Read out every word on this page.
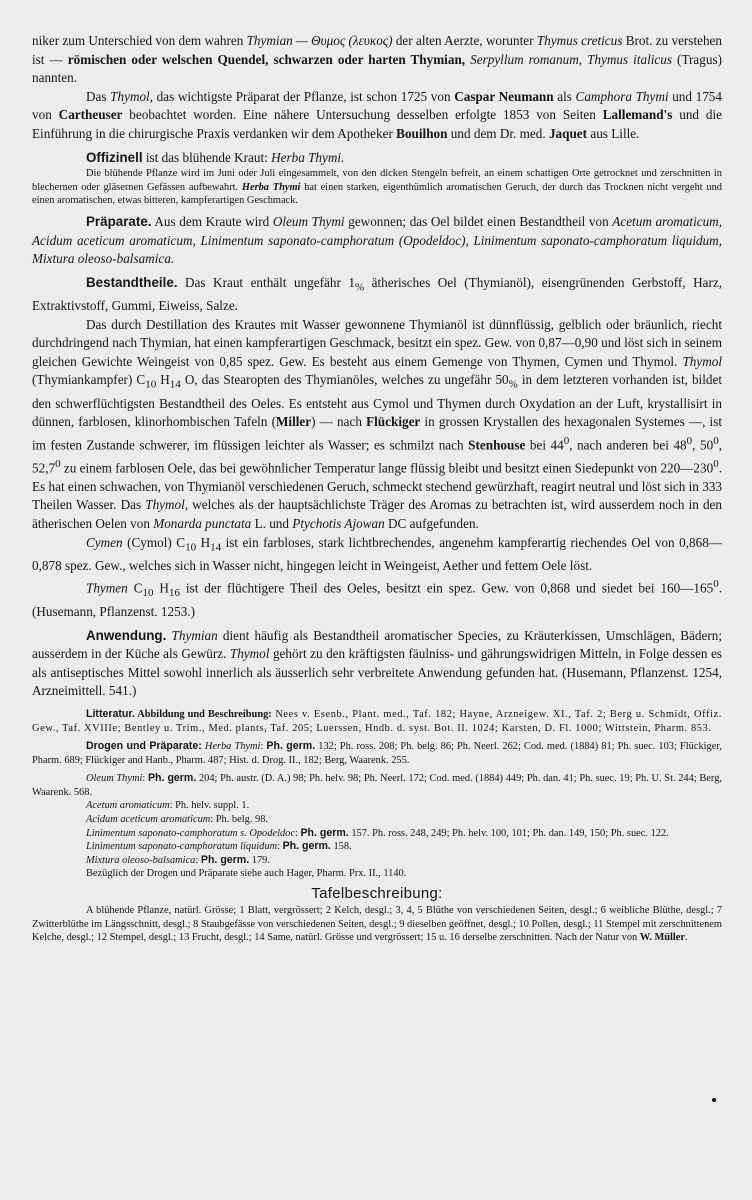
niker zum Unterschied von dem wahren Thymian — Θυμος (λευκος) der alten Aerzte, worunter Thymus creticus Brot. zu verstehen ist — römischen oder welschen Quendel, schwarzen oder harten Thymian, Serpyllum romanum, Thymus italicus (Tragus) nannten.

Das Thymol, das wichtigste Präparat der Pflanze, ist schon 1725 von Caspar Neumann als Camphora Thymi und 1754 von Cartheuser beobachtet worden. Eine nähere Untersuchung desselben erfolgte 1853 von Seiten Lallemand's und die Einführung in die chirurgische Praxis verdanken wir dem Apotheker Bouilhon und dem Dr. med. Jaquet aus Lille.

Offizinell ist das blühende Kraut: Herba Thymi.

Die blühende Pflanze wird im Juni oder Juli eingesammelt, von den dicken Stengeln befreit, an einem schattigen Orte getrocknet und zerschnitten in blechernen oder gläsernen Gefässen aufbewahrt. Herba Thymi hat einen starken, eigenthümlich aromatischen Geruch, der durch das Trocknen nicht vergeht und einen aromatischen, etwas bitteren, kampferartigen Geschmack.

Präparate. Aus dem Kraute wird Oleum Thymi gewonnen; das Oel bildet einen Bestandtheil von Acetum aromaticum, Acidum aceticum aromaticum, Linimentum saponato-camphoratum (Opodeldoc), Linimentum saponato-camphoratum liquidum, Mixtura oleoso-balsamica.

Bestandtheile. Das Kraut enthält ungefähr $1_{\%}$ ätherisches Oel (Thymianöl), eisengrünenden Gerbstoff, Harz, Extraktivstoff, Gummi, Eiweiss, Salze.

Das durch Destillation des Krautes mit Wasser gewonnene Thymianöl ist dünnflüssig, gelblich oder bräunlich, riecht durchdringend nach Thymian, hat einen kampferartigen Geschmack, besitzt ein spez. Gew. von 0,87—0,90 und löst sich in seinem gleichen Gewichte Weingeist von 0,85 spez. Gew. Es besteht aus einem Gemenge von Thymen, Cymen und Thymol. Thymol (Thymiankampfer) $C_{10}$ $H_{14}$ O, das Stearopten des Thymianöles, welches zu ungefähr $50_{\%}$ in dem letzteren vorhanden ist, bildet den schwerflüchtigsten Bestandtheil des Oeles. Es entsteht aus Cymol und Thymen durch Oxydation an der Luft, krystallisirt in dünnen, farblosen, klinorhombischen Tafeln (Miller) — nach Flückiger in grossen Krystallen des hexagonalen Systemes —, ist im festen Zustande schwerer, im flüssigen leichter als Wasser; es schmilzt nach Stenhouse bei $44^0$, nach anderen bei $48^0$, $50^0$, 52,7$^0$ zu einem farblosen Oele, das bei gewöhnlicher Temperatur lange flüssig bleibt und besitzt einen Siedepunkt von $220—230^0$. Es hat einen schwachen, von Thymianöl verschiedenen Geruch, schmeckt stechend gewürzhaft, reagirt neutral und löst sich in 333 Theilen Wasser. Das Thymol, welches als der hauptsächlichste Träger des Aromas zu betrachten ist, wird ausserdem noch in den ätherischen Oelen von Monarda punctata L. und Ptychotis Ajowan DC aufgefunden.

Cymen (Cymol) $C_{10}$ $H_{14}$ ist ein farbloses, stark lichtbrechendes, angenehm kampferartig riechendes Oel von 0,868—0,878 spez. Gew., welches sich in Wasser nicht, hingegen leicht in Weingeist, Aether und fettem Oele löst.

Thymen $C_{10}$ $H_{16}$ ist der flüchtigere Theil des Oeles, besitzt ein spez. Gew. von 0,868 und siedet bei $160—165^0$. (Husemann, Pflanzenst. 1253.)

Anwendung. Thymian dient häufig als Bestandtheil aromatischer Species, zu Kräuterkissen, Umschlägen, Bädern; ausserdem in der Küche als Gewürz. Thymol gehört zu den kräftigsten fäulniss- und gährungswidrigen Mitteln, in Folge dessen es als antiseptisches Mittel sowohl innerlich als äusserlich sehr verbreitete Anwendung gefunden hat. (Husemann, Pflanzenst. 1254, Arzneimittell. 541.)

Litteratur. Abbildung und Beschreibung: Nees v. Esenb., Plant. med., Taf. 182; Hayne, Arzneigew. XI., Taf. 2; Berg u. Schmidt, Offiz. Gew., Taf. XVIIIe; Bentley u. Trim., Med. plants, Taf. 205; Luerssen, Hndb. d. syst. Bot. II. 1024; Karsten, D. Fl. 1000; Wittstein, Pharm. 853.

Drogen und Präparate: Herba Thymi: Ph. germ. 132; Ph. ross. 208; Ph. belg. 86; Ph. Neerl. 262; Cod. med. (1884) 81; Ph. suec. 103; Flückiger, Pharm. 689; Flückiger and Hanb., Pharm. 487; Hist. d. Drog. II., 182; Berg, Waarenk. 255.

Oleum Thymi: Ph. germ. 204; Ph. austr. (D. A.) 98; Ph. helv. 98; Ph. Neerl. 172; Cod. med. (1884) 449; Ph. dan. 41; Ph. suec. 19; Ph. U. St. 244; Berg, Waarenk. 568.

Acetum aromaticum: Ph. helv. suppl. 1.

Acidum aceticum aromaticum: Ph. belg. 98.

Linimentum saponato-camphoratum s. Opodeldoc: Ph. germ. 157. Ph. ross. 248, 249; Ph. helv. 100, 101; Ph. dan. 149, 150; Ph. suec. 122.

Linimentum saponato-camphoratum liquidum: Ph. germ. 158.

Mixtura oleoso-balsamica: Ph. germ. 179.

Bezüglich der Drogen und Präparate siehe auch Hager, Pharm. Prx. II., 1140.

Tafelbeschreibung:

A blühende Pflanze, natürl. Grösse; 1 Blatt, vergrössert; 2 Kelch, desgl.; 3, 4, 5 Blüthe von verschiedenen Seiten, desgl.; 6 weibliche Blüthe, desgl.; 7 Zwitterblüthe im Längsschnitt, desgl.; 8 Staubgefässe von verschiedenen Seiten, desgl.; 9 dieselben geöffnet, desgl.; 10 Pollen, desgl.; 11 Stempel mit zerschnittenem Kelche, desgl.; 12 Stempel, desgl.; 13 Frucht, desgl.; 14 Same, natürl. Grösse und vergrössert; 15 u. 16 derselbe zerschnitten. Nach der Natur von W. Müller.
